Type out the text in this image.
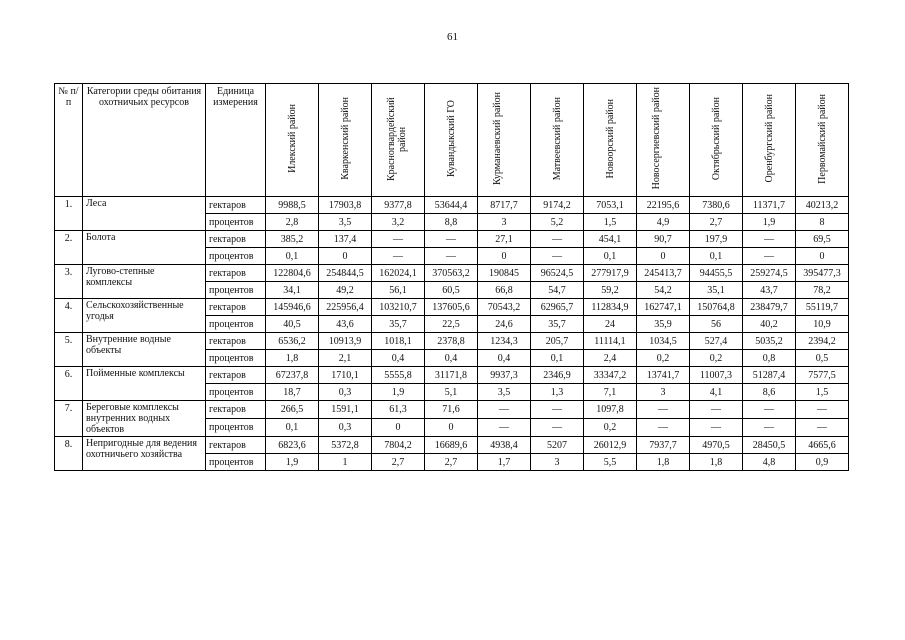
61
№ п/п	Категории среды обитания охотничьих ресурсов	Единица измерения	Илекский район	Кваркенский район	Красногвардейский район	Кувандыкский ГО	Курманаевский район	Матвеевский район	Новоорский район	Новосергиевский район	Октябрьский район	Оренбургский район	Первомайский район
1.	Леса	гектаров	9988,5	17903,8	9377,8	53644,4	8717,7	9174,2	7053,1	22195,6	7380,6	11371,7	40213,2
		процентов	2,8	3,5	3,2	8,8	3	5,2	1,5	4,9	2,7	1,9	8
2.	Болота	гектаров	385,2	137,4	—	—	27,1	—	454,1	90,7	197,9	—	69,5
		процентов	0,1	0	—	—	0	—	0,1	0	0,1	—	0
3.	Лугово-степные комплексы	гектаров	122804,6	254844,5	162024,1	370563,2	190845	96524,5	277917,9	245413,7	94455,5	259274,5	395477,3
		процентов	34,1	49,2	56,1	60,5	66,8	54,7	59,2	54,2	35,1	43,7	78,2
4.	Сельскохозяйственные угодья	гектаров	145946,6	225956,4	103210,7	137605,6	70543,2	62965,7	112834,9	162747,1	150764,8	238479,7	55119,7
		процентов	40,5	43,6	35,7	22,5	24,6	35,7	24	35,9	56	40,2	10,9
5.	Внутренние водные объекты	гектаров	6536,2	10913,9	1018,1	2378,8	1234,3	205,7	11114,1	1034,5	527,4	5035,2	2394,2
		процентов	1,8	2,1	0,4	0,4	0,4	0,1	2,4	0,2	0,2	0,8	0,5
6.	Пойменные комплексы	гектаров	67237,8	1710,1	5555,8	31171,8	9937,3	2346,9	33347,2	13741,7	11007,3	51287,4	7577,5
		процентов	18,7	0,3	1,9	5,1	3,5	1,3	7,1	3	4,1	8,6	1,5
7.	Береговые комплексы внутренних водных объектов	гектаров	266,5	1591,1	61,3	71,6	—	—	1097,8	—	—	—	—
		процентов	0,1	0,3	0	0	—	—	0,2	—	—	—	—
8.	Непригодные для ведения охотничьего хозяйства	гектаров	6823,6	5372,8	7804,2	16689,6	4938,4	5207	26012,9	7937,7	4970,5	28450,5	4665,6
		процентов	1,9	1	2,7	2,7	1,7	3	5,5	1,8	1,8	4,8	0,9
